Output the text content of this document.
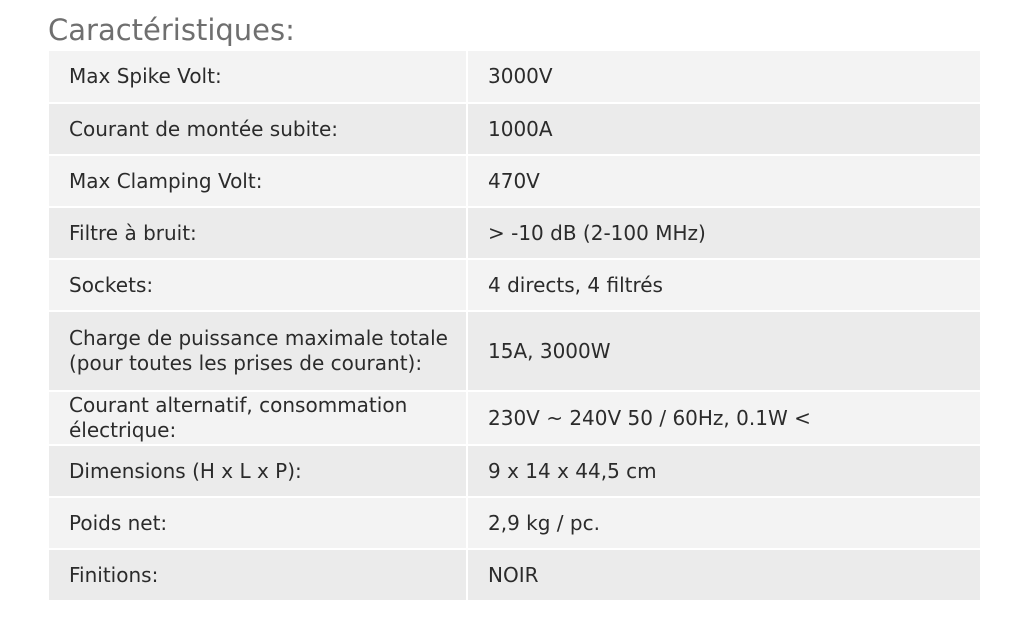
Caractéristiques:
Max Spike Volt:	3000V
Courant de montée subite:	1000A
Max Clamping Volt:	470V
Filtre à bruit:	> -10 dB (2-100 MHz)
Sockets:	4 directs, 4 filtrés
Charge de puissance maximale totale
(pour toutes les prises de courant):	15A, 3000W
Courant alternatif, consommation électrique:	230V ~ 240V 50 / 60Hz, 0.1W <
Dimensions (H x L x P):	9 x 14 x 44,5 cm
Poids net:	2,9 kg / pc.
Finitions:	NOIR
